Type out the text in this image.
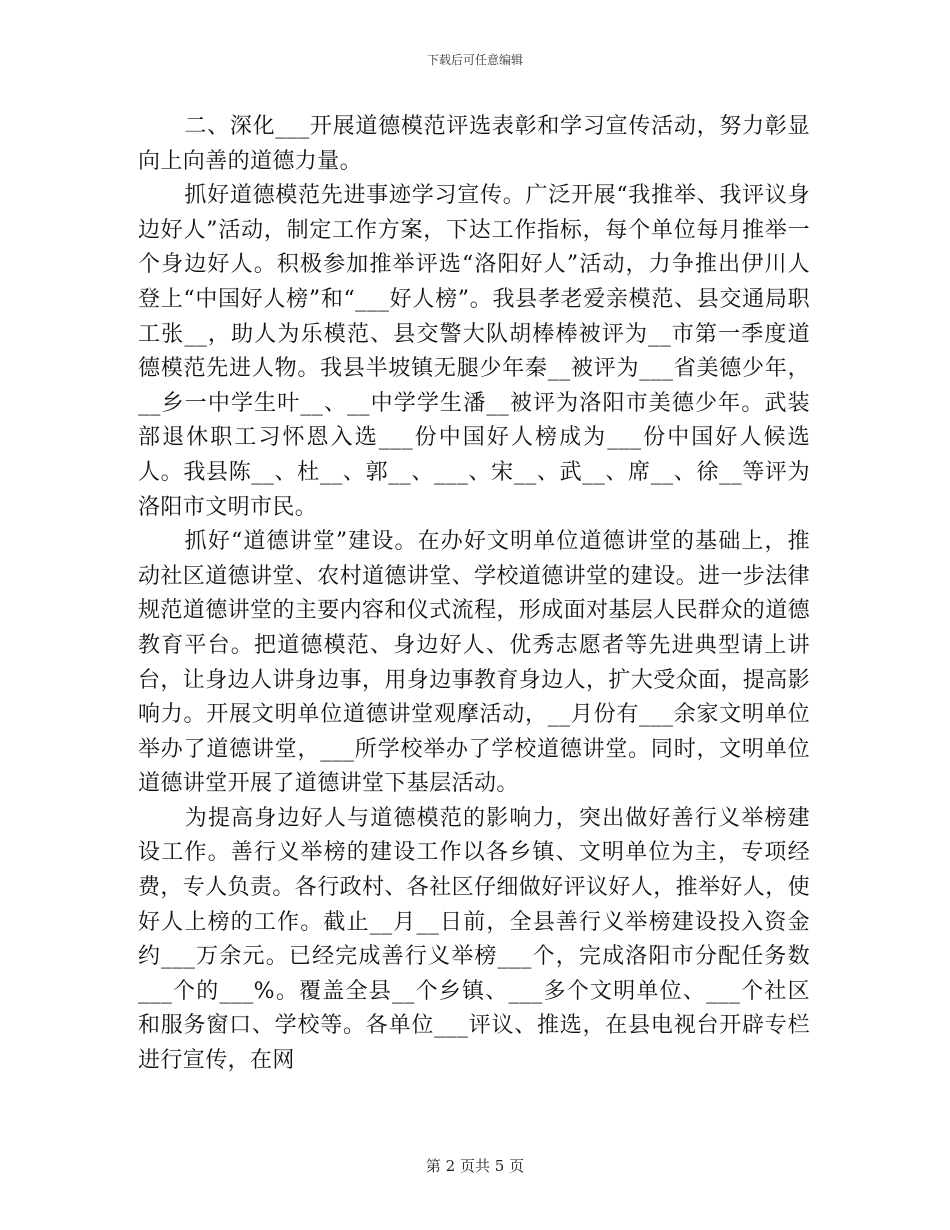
下载后可任意编辑

二、深化___开展道德模范评选表彰和学习宣传活动，努力彰显向上向善的道德力量。

抓好道德模范先进事迹学习宣传。广泛开展“我推举、我评议身边好人”活动，制定工作方案，下达工作指标，每个单位每月推举一个身边好人。积极参加推举评选“洛阳好人”活动，力争推出伊川人登上“中国好人榜”和“___好人榜”。我县孝老爱亲模范、县交通局职工张__，助人为乐模范、县交警大队胡棒棒被评为__市第一季度道德模范先进人物。我县半坡镇无腿少年秦__被评为___省美德少年，__乡一中学生叶__、__中学学生潘__被评为洛阳市美德少年。武装部退休职工习怀恩入选___份中国好人榜成为___份中国好人候选人。我县陈__、杜__、郭__、___、宋__、武__、席__、徐__等评为洛阳市文明市民。

抓好“道德讲堂”建设。在办好文明单位道德讲堂的基础上，推动社区道德讲堂、农村道德讲堂、学校道德讲堂的建设。进一步法律规范道德讲堂的主要内容和仪式流程，形成面对基层人民群众的道德教育平台。把道德模范、身边好人、优秀志愿者等先进典型请上讲台，让身边人讲身边事，用身边事教育身边人，扩大受众面，提高影响力。开展文明单位道德讲堂观摩活动，__月份有___余家文明单位举办了道德讲堂，___所学校举办了学校道德讲堂。同时，文明单位道德讲堂开展了道德讲堂下基层活动。

为提高身边好人与道德模范的影响力，突出做好善行义举榜建设工作。善行义举榜的建设工作以各乡镇、文明单位为主，专项经费，专人负责。各行政村、各社区仔细做好评议好人，推举好人，使好人上榜的工作。截止__月__日前，全县善行义举榜建设投入资金约___万余元。已经完成善行义举榜___个，完成洛阳市分配任务数___个的___%。覆盖全县__个乡镇、___多个文明单位、___个社区和服务窗口、学校等。各单位___评议、推选，在县电视台开辟专栏进行宣传，在网

第 2 页共 5 页
